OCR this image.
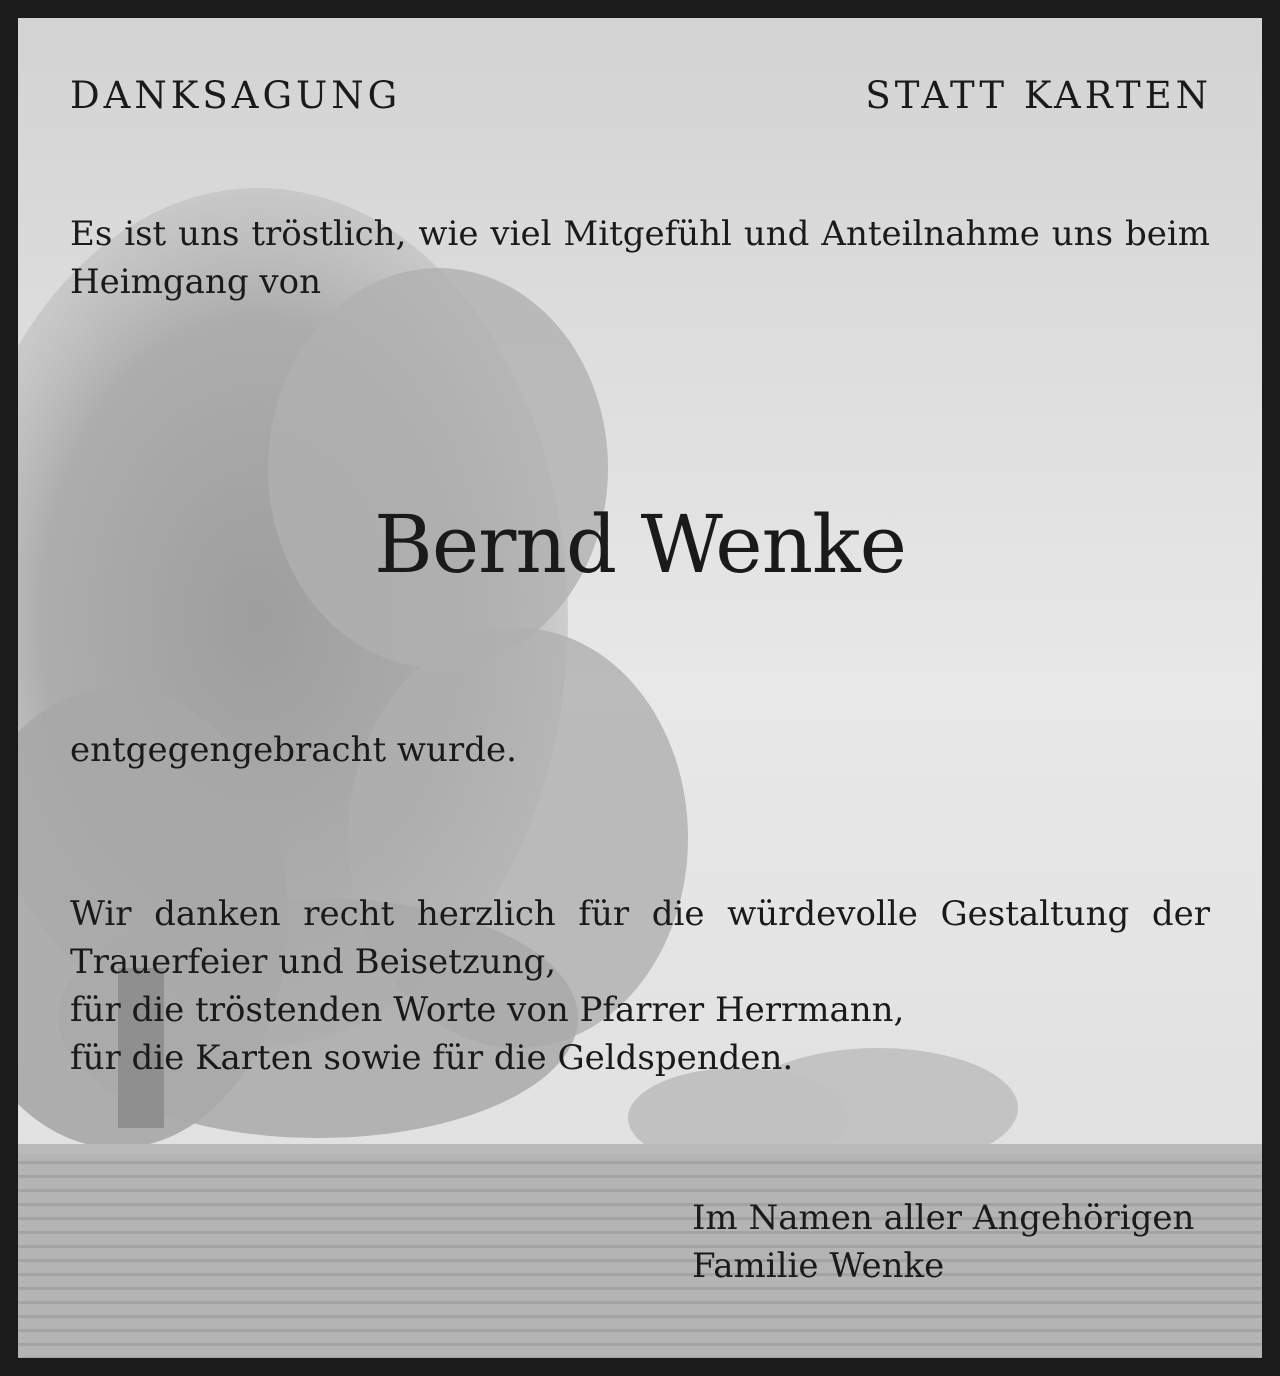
DANKSAGUNG	STATT KARTEN
Es ist uns tröstlich, wie viel Mitgefühl und Anteilnahme uns beim Heimgang von
Bernd Wenke
entgegengebracht wurde.
Wir danken recht herzlich für die würdevolle Gestaltung der
Trauerfeier und Beisetzung,
für die tröstenden Worte von Pfarrer Herrmann,
für die Karten sowie für die Geldspenden.
Im Namen aller Angehörigen
Familie Wenke
